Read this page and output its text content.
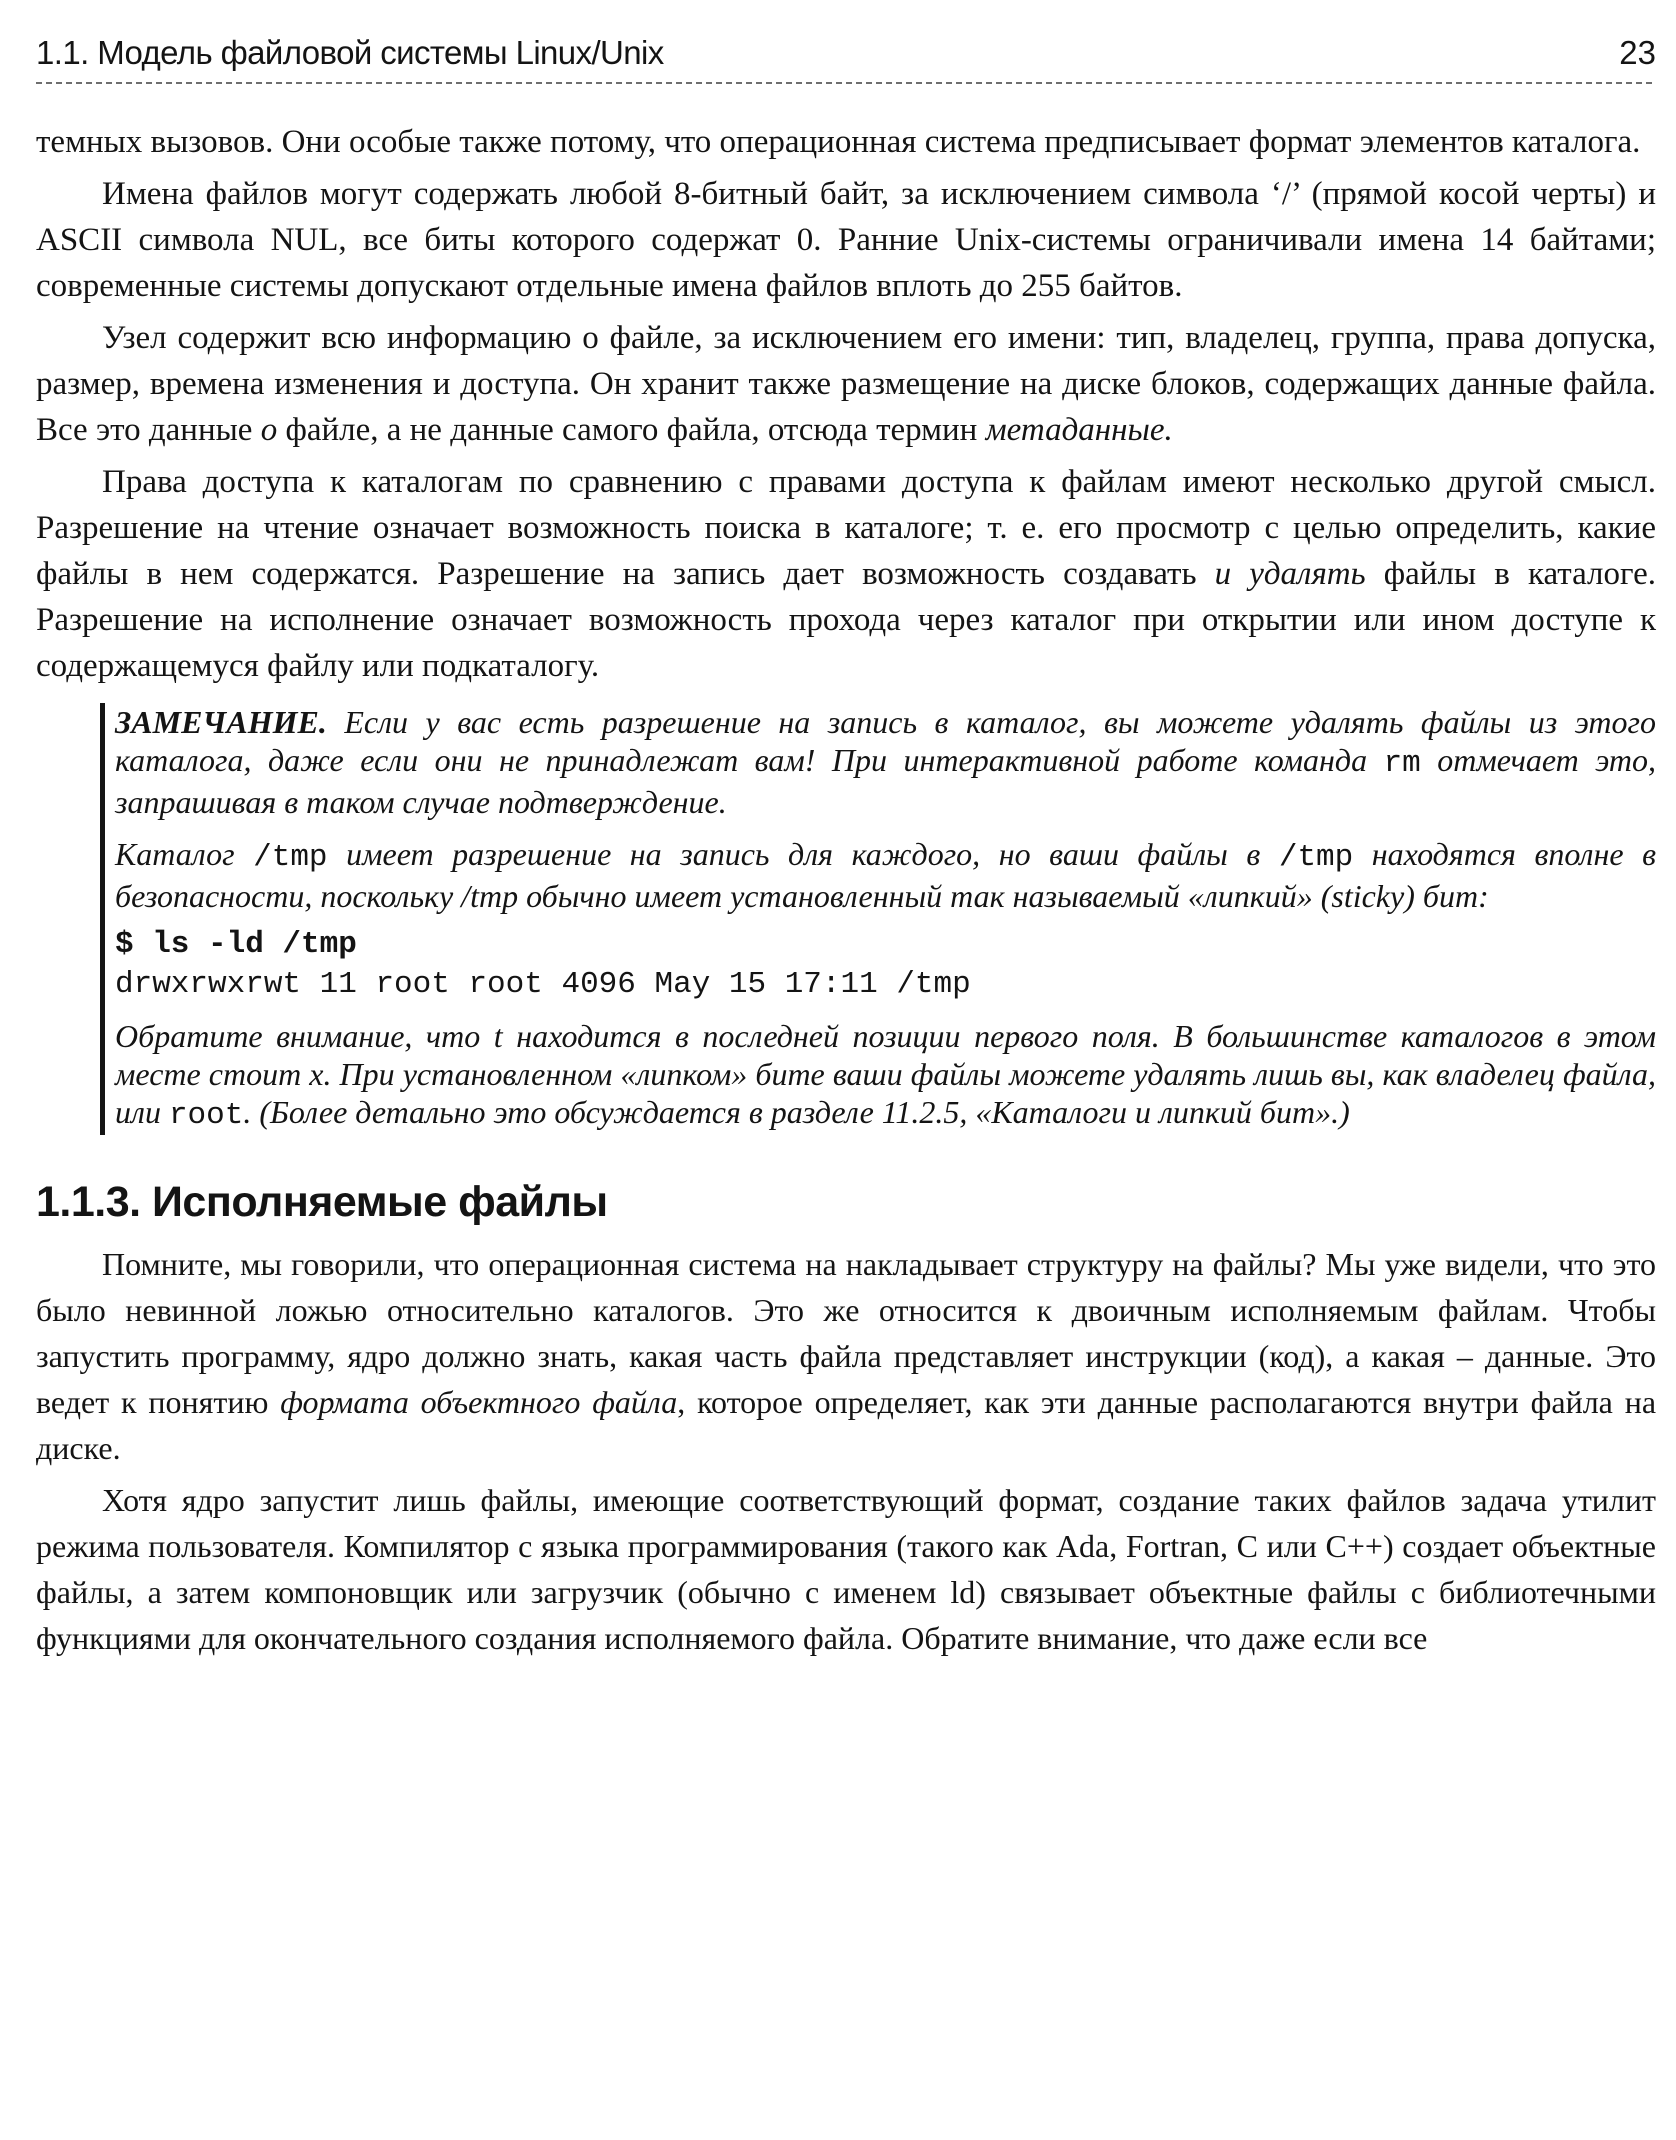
1.1. Модель файловой системы Linux/Unix	23

темных вызовов. Они особые также потому, что операционная система предписывает формат элементов каталога.

Имена файлов могут содержать любой 8-битный байт, за исключением символа ‘/’ (прямой косой черты) и ASCII символа NUL, все биты которого содержат 0. Ранние Unix-системы ограничивали имена 14 байтами; современные системы допускают отдельные имена файлов вплоть до 255 байтов.

Узел содержит всю информацию о файле, за исключением его имени: тип, владелец, группа, права допуска, размер, времена изменения и доступа. Он хранит также размещение на диске блоков, содержащих данные файла. Все это данные о файле, а не данные самого файла, отсюда термин метаданные.

Права доступа к каталогам по сравнению с правами доступа к файлам имеют несколько другой смысл. Разрешение на чтение означает возможность поиска в каталоге; т. е. его просмотр с целью определить, какие файлы в нем содержатся. Разрешение на запись дает возможность создавать и удалять файлы в каталоге. Разрешение на исполнение означает возможность прохода через каталог при открытии или ином доступе к содержащемуся файлу или подкаталогу.

ЗАМЕЧАНИЕ. Если у вас есть разрешение на запись в каталог, вы можете удалять файлы из этого каталога, даже если они не принадлежат вам! При интерактивной работе команда rm отмечает это, запрашивая в таком случае подтверждение.

Каталог /tmp имеет разрешение на запись для каждого, но ваши файлы в /tmp находятся вполне в безопасности, поскольку /tmp обычно имеет установленный так называемый «липкий» (sticky) бит:

$ ls -ld /tmp
drwxrwxrwt 11 root root 4096 May 15 17:11 /tmp

Обратите внимание, что t находится в последней позиции первого поля. В большинстве каталогов в этом месте стоит x. При установленном «липком» бите ваши файлы можете удалять лишь вы, как владелец файла, или root. (Более детально это обсуждается в разделе 11.2.5, «Каталоги и липкий бит».)

1.1.3. Исполняемые файлы

Помните, мы говорили, что операционная система на накладывает структуру на файлы? Мы уже видели, что это было невинной ложью относительно каталогов. Это же относится к двоичным исполняемым файлам. Чтобы запустить программу, ядро должно знать, какая часть файла представляет инструкции (код), а какая – данные. Это ведет к понятию формата объектного файла, которое определяет, как эти данные располагаются внутри файла на диске.

Хотя ядро запустит лишь файлы, имеющие соответствующий формат, создание таких файлов задача утилит режима пользователя. Компилятор с языка программирования (такого как Ada, Fortran, C или C++) создает объектные файлы, а затем компоновщик или загрузчик (обычно с именем ld) связывает объектные файлы с библиотечными функциями для окончательного создания исполняемого файла. Обратите внимание, что даже если все
